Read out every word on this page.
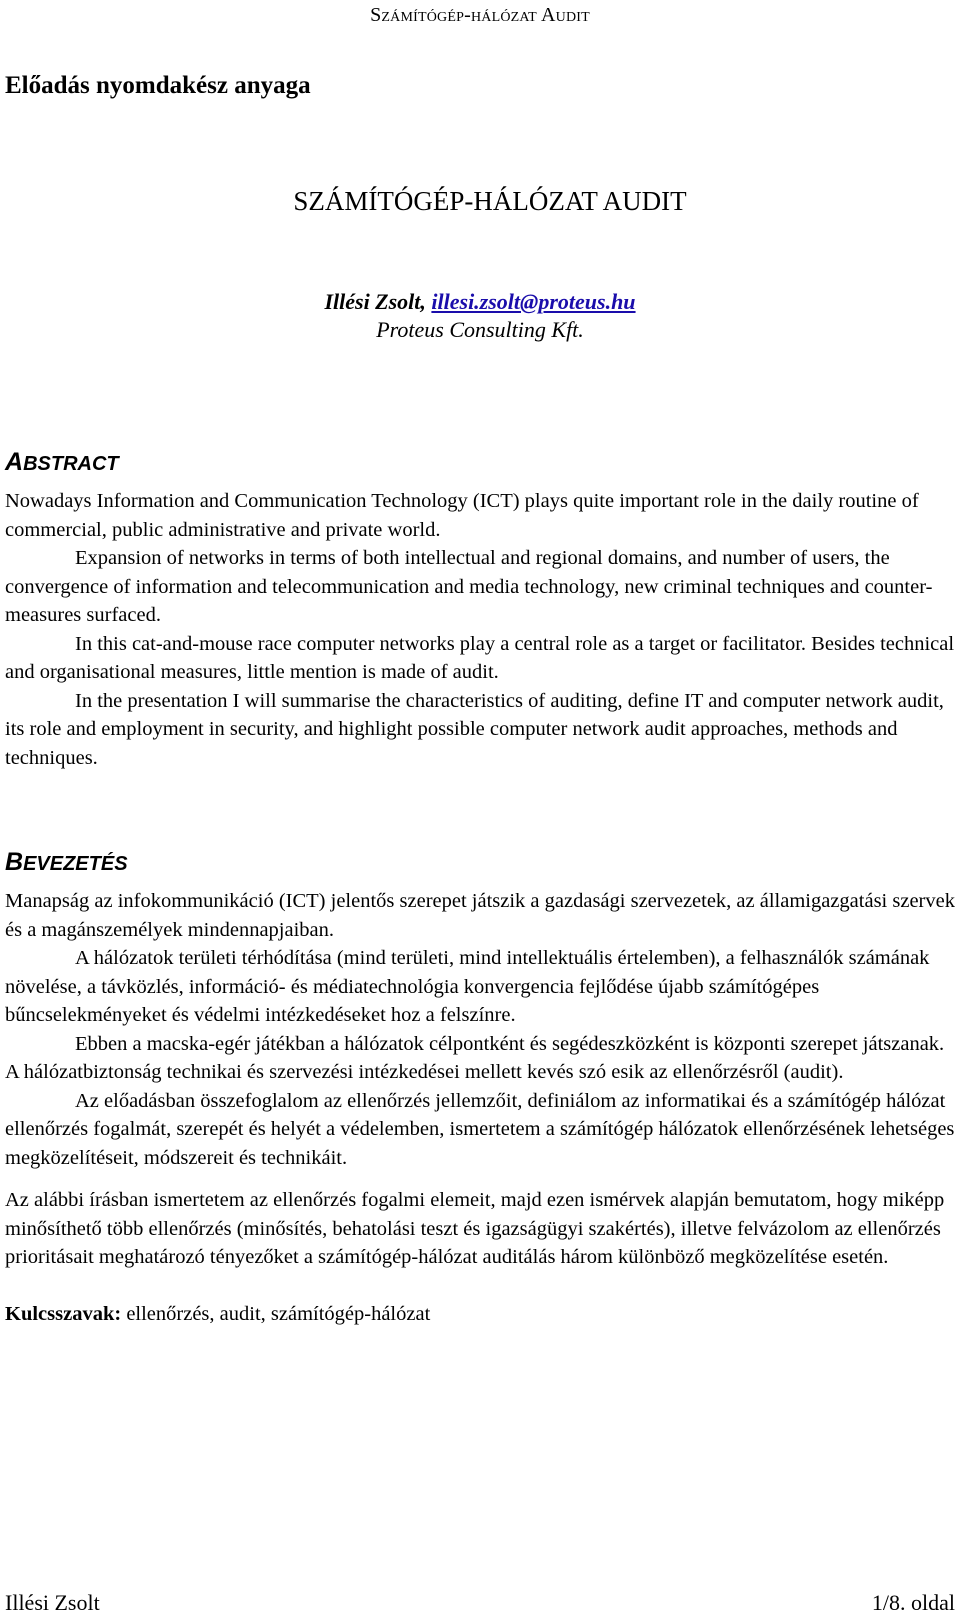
Számítógép-hálózat Audit
Előadás nyomdakész anyaga
SZÁMÍTÓGÉP-HÁLÓZAT AUDIT
Illési Zsolt, illesi.zsolt@proteus.hu
Proteus Consulting Kft.
ABSTRACT

Nowadays Information and Communication Technology (ICT) plays quite important role in the daily routine of commercial, public administrative and private world.

Expansion of networks in terms of both intellectual and regional domains, and number of users, the convergence of information and telecommunication and media technology, new criminal techniques and counter-measures surfaced.

In this cat-and-mouse race computer networks play a central role as a target or facilitator. Besides technical and organisational measures, little mention is made of audit.

In the presentation I will summarise the characteristics of auditing, define IT and computer network audit, its role and employment in security, and highlight possible computer network audit approaches, methods and techniques.

BEVEZETÉS

Manapság az infokommunikáció (ICT) jelentős szerepet játszik a gazdasági szervezetek, az államigazgatási szervek és a magánszemélyek mindennapjaiban.

A hálózatok területi térhódítása (mind területi, mind intellektuális értelemben), a felhasználók számának növelése, a távközlés, információ- és médiatechnológia konvergencia fejlődése újabb számítógépes bűncselekményeket és védelmi intézkedéseket hoz a felszínre.

Ebben a macska-egér játékban a hálózatok célpontként és segédeszközként is központi szerepet játszanak. A hálózatbiztonság technikai és szervezési intézkedései mellett kevés szó esik az ellenőrzésről (audit).

Az előadásban összefoglalom az ellenőrzés jellemzőit, definiálom az informatikai és a számítógép hálózat ellenőrzés fogalmát, szerepét és helyét a védelemben, ismertetem a számítógép hálózatok ellenőrzésének lehetséges megközelítéseit, módszereit és technikáit.

Az alábbi írásban ismertetem az ellenőrzés fogalmi elemeit, majd ezen ismérvek alapján bemutatom, hogy miképp minősíthető több ellenőrzés (minősítés, behatolási teszt és igazságügyi szakértés), illetve felvázolom az ellenőrzés prioritásait meghatározó tényezőket a számítógép-hálózat auditálás három különböző megközelítése esetén.

Kulcsszavak: ellenőrzés, audit, számítógép-hálózat
Illési Zsolt	1/8. oldal
